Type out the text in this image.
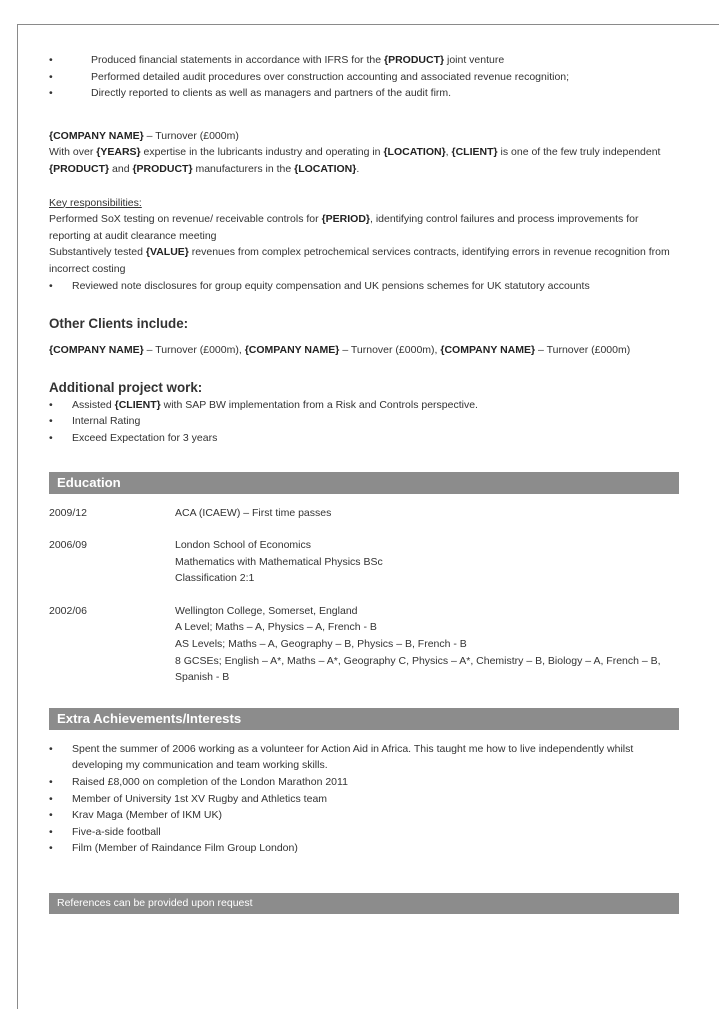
• Produced financial statements in accordance with IFRS for the {PRODUCT} joint venture
• Performed detailed audit procedures over construction accounting and associated revenue recognition;
• Directly reported to clients as well as managers and partners of the audit firm.
{COMPANY NAME} – Turnover (£000m)
With over {YEARS} expertise in the lubricants industry and operating in {LOCATION}, {CLIENT} is one of the few truly independent {PRODUCT} and {PRODUCT} manufacturers in the {LOCATION}.
Key responsibilities:
Performed SoX testing on revenue/ receivable controls for {PERIOD}, identifying control failures and process improvements for reporting at audit clearance meeting
Substantively tested {VALUE} revenues from complex petrochemical services contracts, identifying errors in revenue recognition from incorrect costing
• Reviewed note disclosures for group equity compensation and UK pensions schemes for UK statutory accounts
Other Clients include:
{COMPANY NAME} – Turnover (£000m), {COMPANY NAME} – Turnover (£000m), {COMPANY NAME} – Turnover (£000m)
Additional project work:
• Assisted {CLIENT} with SAP BW implementation from a Risk and Controls perspective.
• Internal Rating
• Exceed Expectation for 3 years
Education
2009/12	ACA (ICAEW) – First time passes
2006/09	London School of Economics
Mathematics with Mathematical Physics BSc
Classification 2:1
2002/06	Wellington College, Somerset, England
A Level; Maths – A, Physics – A, French - B
AS Levels; Maths – A, Geography – B, Physics – B, French - B
8 GCSEs; English – A*, Maths – A*, Geography C, Physics – A*, Chemistry – B, Biology – A, French – B, Spanish - B
Extra Achievements/Interests
• Spent the summer of 2006 working as a volunteer for Action Aid in Africa. This taught me how to live independently whilst developing my communication and team working skills.
• Raised £8,000 on completion of the London Marathon 2011
• Member of University 1st XV Rugby and Athletics team
• Krav Maga (Member of IKM UK)
• Five-a-side football
• Film (Member of Raindance Film Group London)
References can be provided upon request
